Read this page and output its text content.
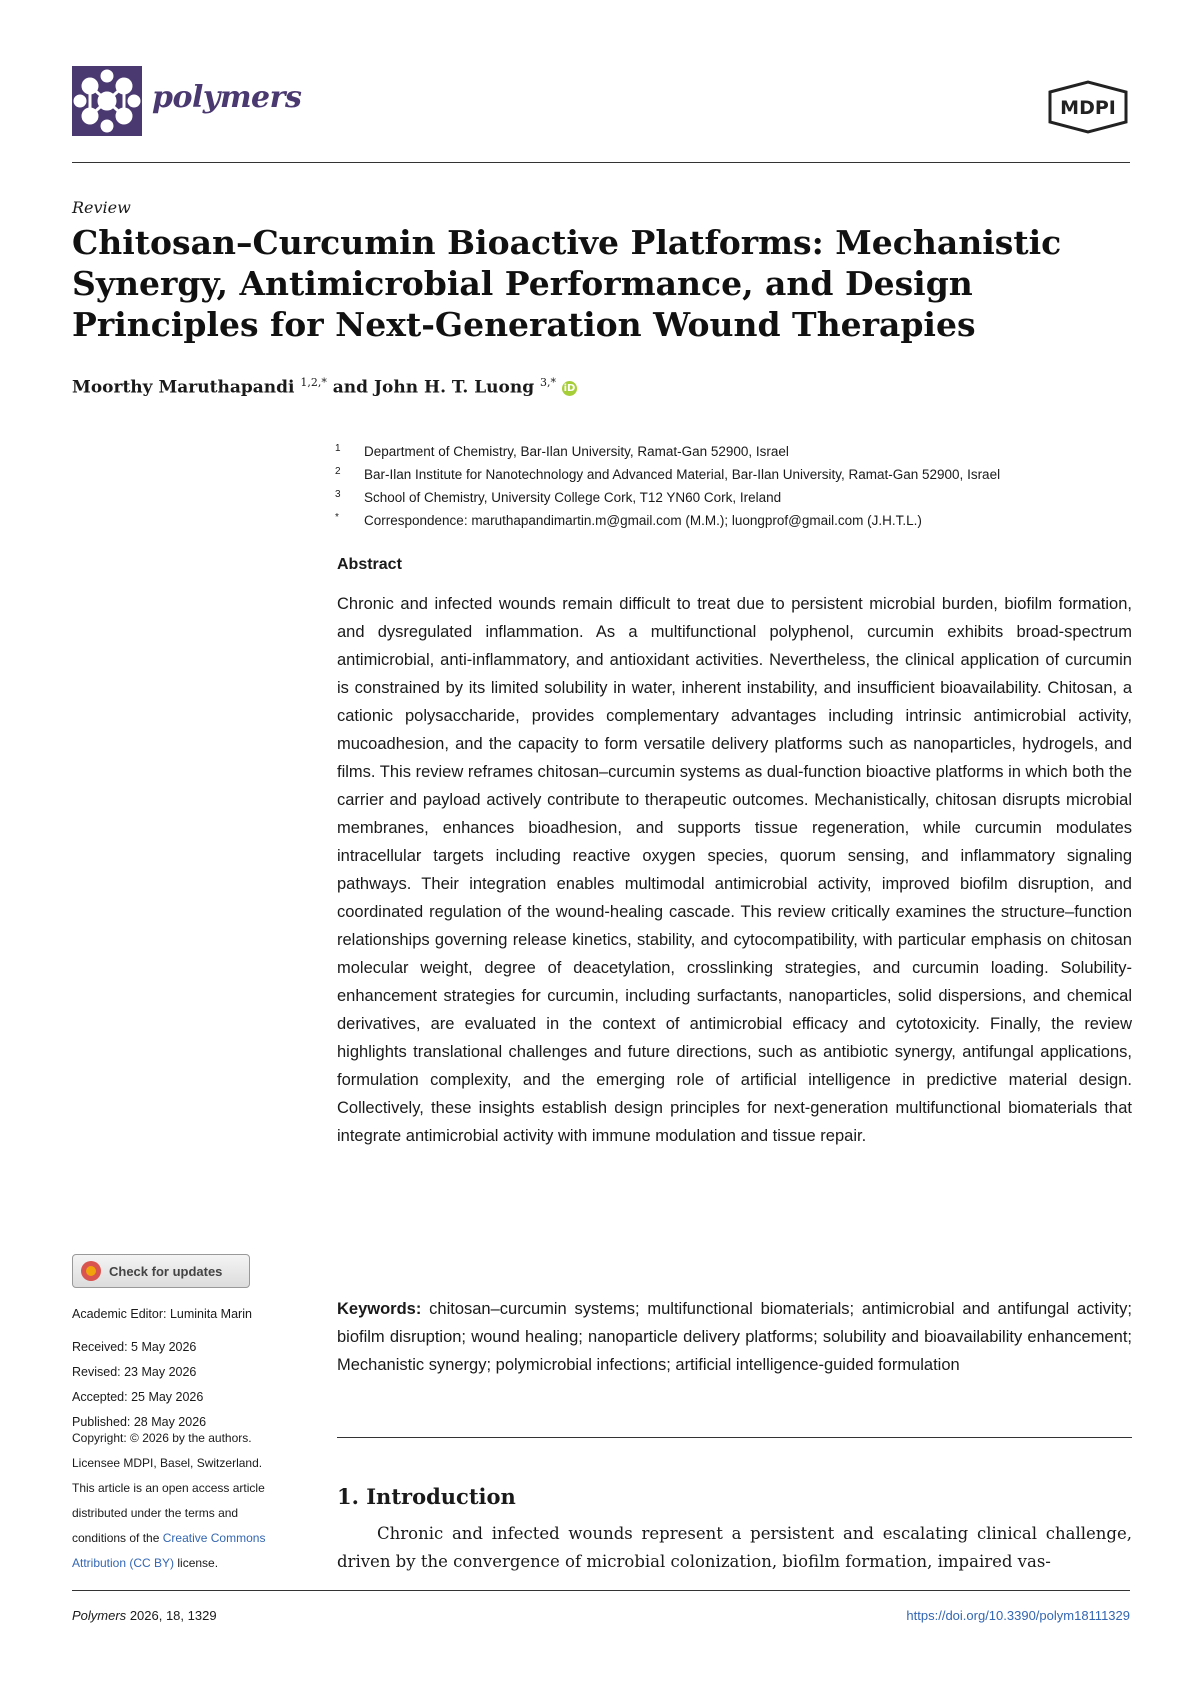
polymers	MDPI
Review
Chitosan–Curcumin Bioactive Platforms: Mechanistic Synergy, Antimicrobial Performance, and Design Principles for Next-Generation Wound Therapies
Moorthy Maruthapandi $^{1,2,*}$ and John H. T. Luong $^{3,*}$ iD
1 Department of Chemistry, Bar-Ilan University, Ramat-Gan 52900, Israel
2 Bar-Ilan Institute for Nanotechnology and Advanced Material, Bar-Ilan University, Ramat-Gan 52900, Israel
3 School of Chemistry, University College Cork, T12 YN60 Cork, Ireland
* Correspondence: maruthapandimartin.m@gmail.com (M.M.); luongprof@gmail.com (J.H.T.L.)
Abstract
Chronic and infected wounds remain difficult to treat due to persistent microbial burden, biofilm formation, and dysregulated inflammation. As a multifunctional polyphenol, curcumin exhibits broad-spectrum antimicrobial, anti-inflammatory, and antioxidant activities. Nevertheless, the clinical application of curcumin is constrained by its limited solubility in water, inherent instability, and insufficient bioavailability. Chitosan, a cationic polysaccharide, provides complementary advantages including intrinsic antimicrobial activity, mucoadhesion, and the capacity to form versatile delivery platforms such as nanoparticles, hydrogels, and films. This review reframes chitosan–curcumin systems as dual-function bioactive platforms in which both the carrier and payload actively contribute to therapeutic outcomes. Mechanistically, chitosan disrupts microbial membranes, enhances bioadhesion, and supports tissue regeneration, while curcumin modulates intracellular targets including reactive oxygen species, quorum sensing, and inflammatory signaling pathways. Their integration enables multimodal antimicrobial activity, improved biofilm disruption, and coordinated regulation of the wound-healing cascade. This review critically examines the structure–function relationships governing release kinetics, stability, and cytocompatibility, with particular emphasis on chitosan molecular weight, degree of deacetylation, crosslinking strategies, and curcumin loading. Solubility-enhancement strategies for curcumin, including surfactants, nanoparticles, solid dispersions, and chemical derivatives, are evaluated in the context of antimicrobial efficacy and cytotoxicity. Finally, the review highlights translational challenges and future directions, such as antibiotic synergy, antifungal applications, formulation complexity, and the emerging role of artificial intelligence in predictive material design. Collectively, these insights establish design principles for next-generation multifunctional biomaterials that integrate antimicrobial activity with immune modulation and tissue repair.
Keywords: chitosan–curcumin systems; multifunctional biomaterials; antimicrobial and antifungal activity; biofilm disruption; wound healing; nanoparticle delivery platforms; solubility and bioavailability enhancement; Mechanistic synergy; polymicrobial infections; artificial intelligence-guided formulation
1. Introduction
Chronic and infected wounds represent a persistent and escalating clinical challenge, driven by the convergence of microbial colonization, biofilm formation, impaired vas-
Check for updates
Academic Editor: Luminita Marin
Received: 5 May 2026
Revised: 23 May 2026
Accepted: 25 May 2026
Published: 28 May 2026
Copyright: © 2026 by the authors.
Licensee MDPI, Basel, Switzerland.
This article is an open access article
distributed under the terms and
conditions of the Creative Commons
Attribution (CC BY) license.
Polymers 2026, 18, 1329	https://doi.org/10.3390/polym18111329
